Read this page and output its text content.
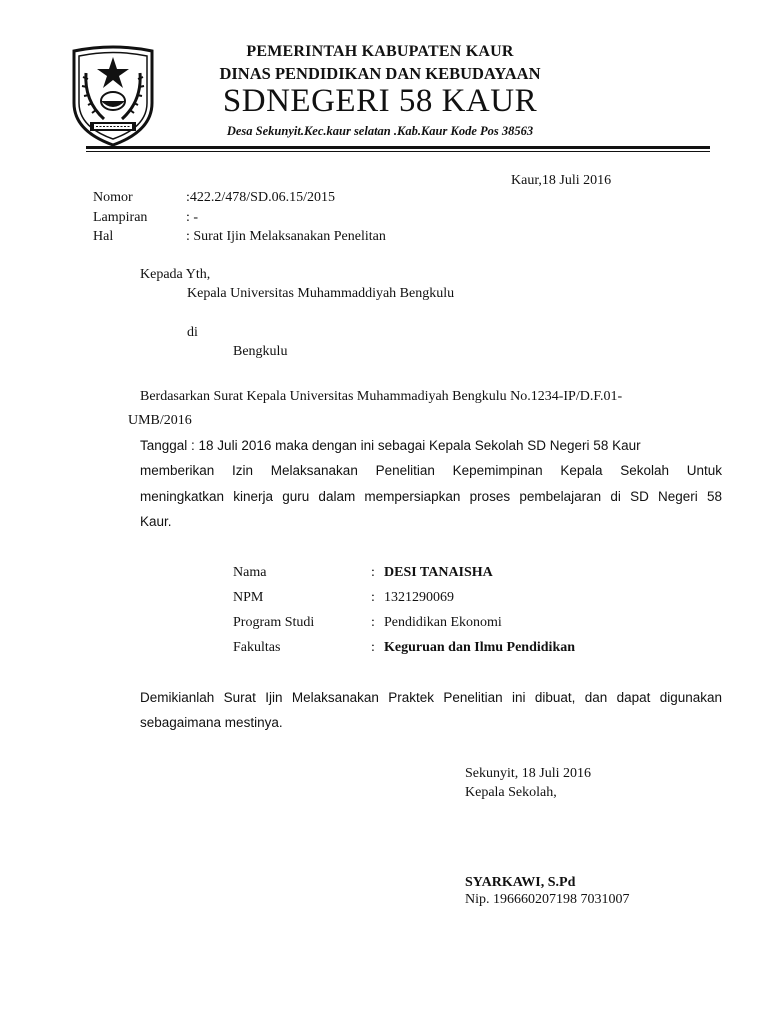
PEMERINTAH KABUPATEN KAUR
DINAS PENDIDIKAN DAN KEBUDAYAAN
SDNEGERI 58 KAUR
Desa Sekunyit.Kec.kaur selatan .Kab.Kaur Kode Pos 38563
Kaur,18 Juli 2016
Nomor	:422.2/478/SD.06.15/2015
Lampiran	: -
Hal	: Surat Ijin Melaksanakan Penelitan
Kepada Yth,
Kepala Universitas Muhammaddiyah Bengkulu
di
Bengkulu
Berdasarkan Surat Kepala Universitas Muhammadiyah Bengkulu No.1234-IP/D.F.01-
UMB/2016
Tanggal : 18 Juli 2016 maka dengan ini sebagai Kepala Sekolah SD Negeri 58 Kaur
memberikan Izin Melaksanakan Penelitian Kepemimpinan Kepala Sekolah Untuk
meningkatkan kinerja guru dalam mempersiapkan proses pembelajaran di SD Negeri 58
Kaur.
Nama	: DESI TANAISHA
NPM	: 1321290069
Program Studi	: Pendidikan Ekonomi
Fakultas	: Keguruan dan Ilmu Pendidikan
Demikianlah Surat Ijin Melaksanakan Praktek Penelitian ini dibuat, dan dapat digunakan
sebagaimana mestinya.
Sekunyit, 18 Juli 2016
Kepala Sekolah,
SYARKAWI, S.Pd
Nip. 196660207198 7031007
